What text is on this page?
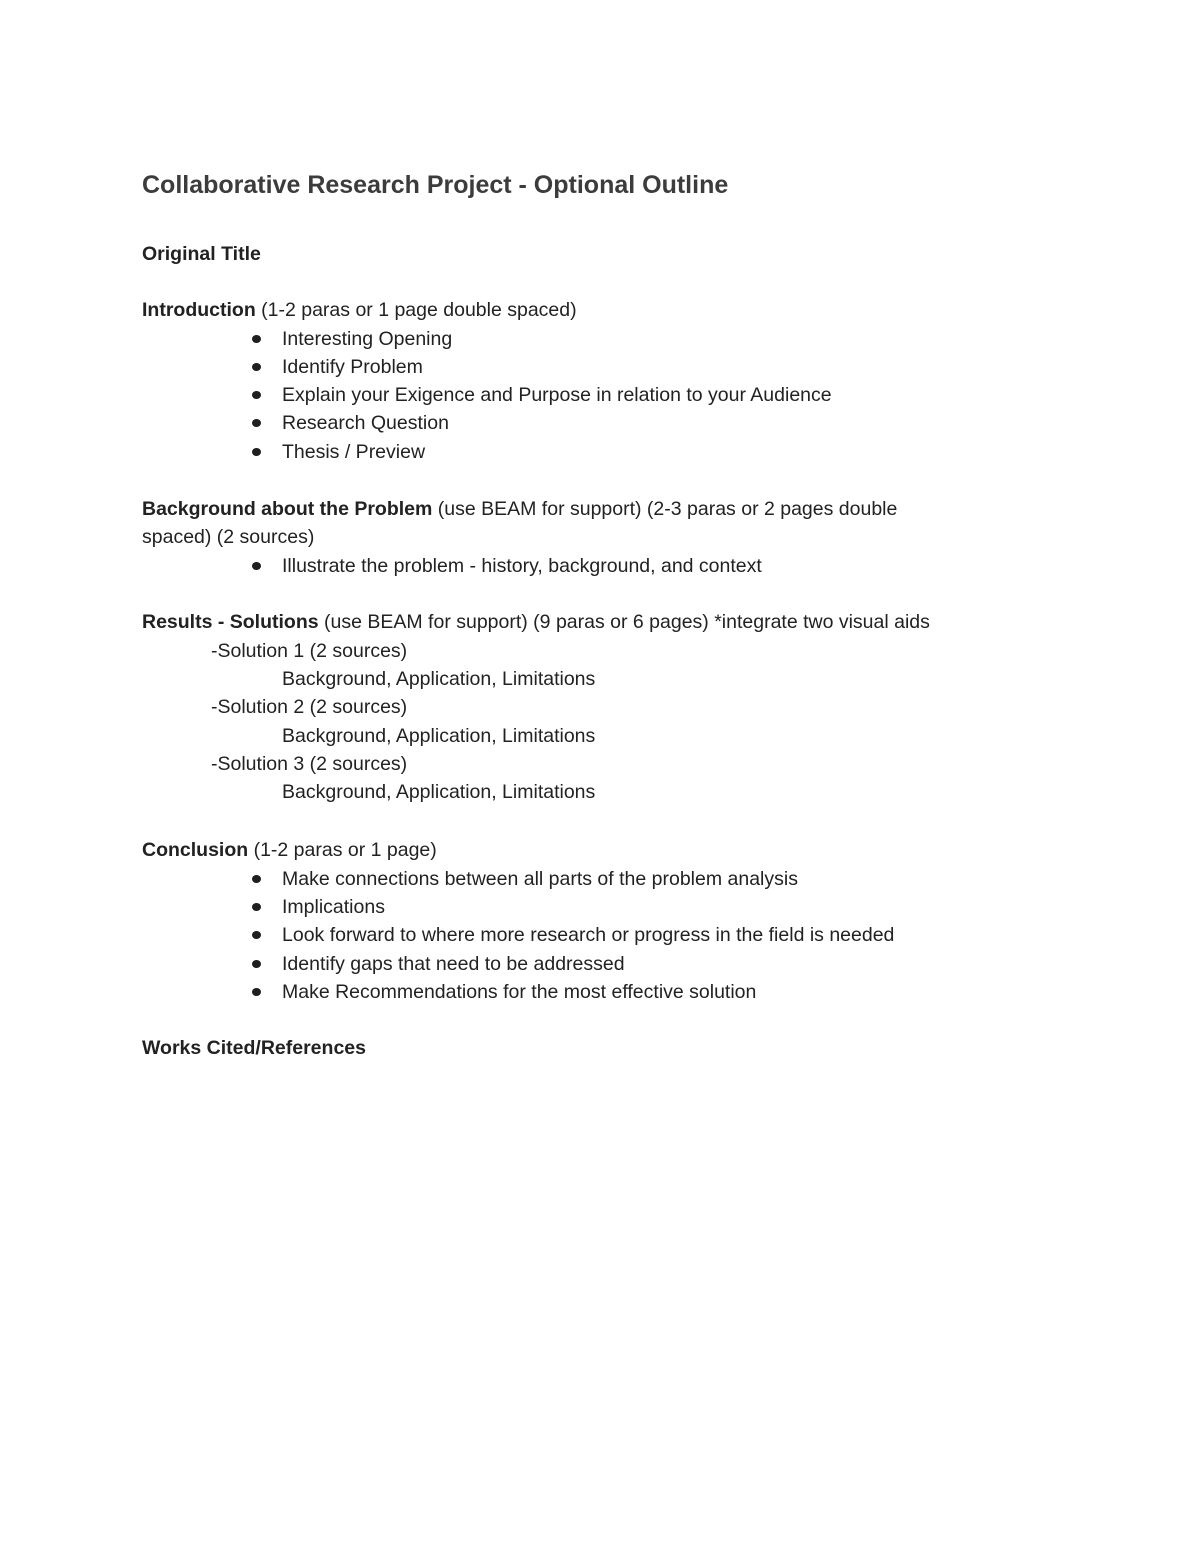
Collaborative Research Project - Optional Outline
Original Title
Introduction (1-2 paras or 1 page double spaced)
Interesting Opening
Identify Problem
Explain your Exigence and Purpose in relation to your Audience
Research Question
Thesis / Preview
Background about the Problem (use BEAM for support) (2-3 paras or 2 pages double
spaced) (2 sources)
Illustrate the problem - history, background, and context
Results - Solutions (use BEAM for support) (9 paras or 6 pages) *integrate two visual aids
-Solution 1 (2 sources)
Background, Application, Limitations
-Solution 2 (2 sources)
Background, Application, Limitations
-Solution 3 (2 sources)
Background, Application, Limitations
Conclusion (1-2 paras or 1 page)
Make connections between all parts of the problem analysis
Implications
Look forward to where more research or progress in the field is needed
Identify gaps that need to be addressed
Make Recommendations for the most effective solution
Works Cited/References
